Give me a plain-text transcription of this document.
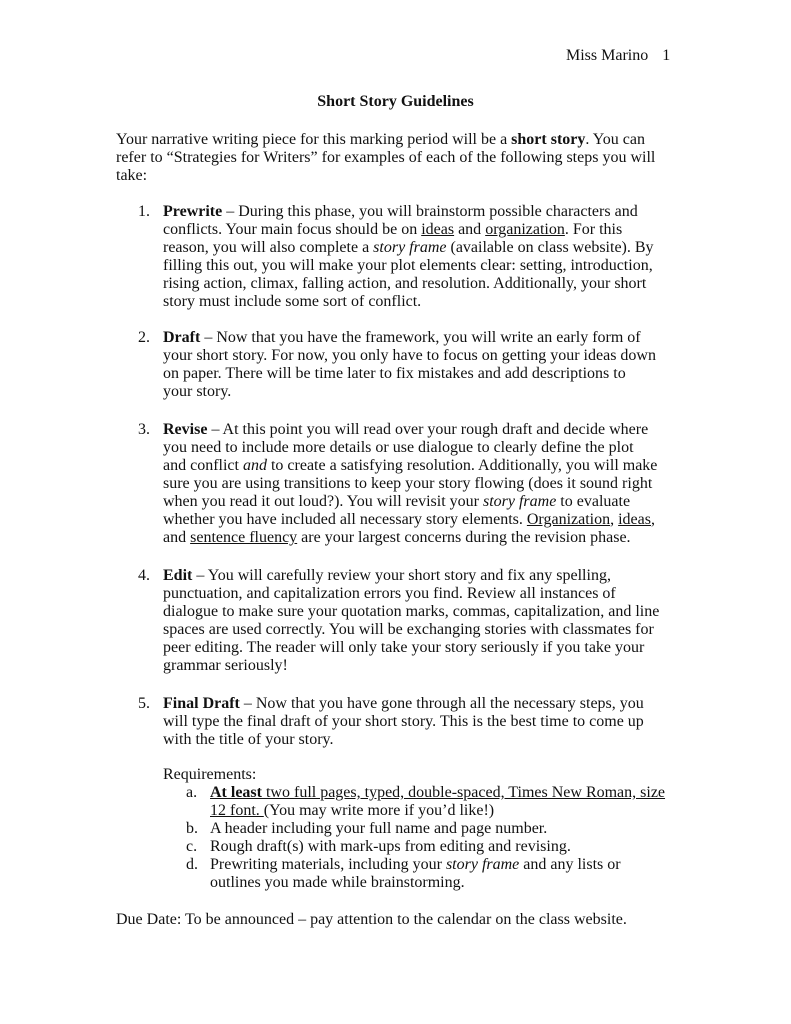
Miss Marino 1
Short Story Guidelines
Your narrative writing piece for this marking period will be a short story. You can
refer to “Strategies for Writers” for examples of each of the following steps you will
take:
1. Prewrite – During this phase, you will brainstorm possible characters and
conflicts. Your main focus should be on ideas and organization. For this
reason, you will also complete a story frame (available on class website). By
filling this out, you will make your plot elements clear: setting, introduction,
rising action, climax, falling action, and resolution. Additionally, your short
story must include some sort of conflict.
2. Draft – Now that you have the framework, you will write an early form of
your short story. For now, you only have to focus on getting your ideas down
on paper. There will be time later to fix mistakes and add descriptions to
your story.
3. Revise – At this point you will read over your rough draft and decide where
you need to include more details or use dialogue to clearly define the plot
and conflict and to create a satisfying resolution. Additionally, you will make
sure you are using transitions to keep your story flowing (does it sound right
when you read it out loud?). You will revisit your story frame to evaluate
whether you have included all necessary story elements. Organization, ideas,
and sentence fluency are your largest concerns during the revision phase.
4. Edit – You will carefully review your short story and fix any spelling,
punctuation, and capitalization errors you find. Review all instances of
dialogue to make sure your quotation marks, commas, capitalization, and line
spaces are used correctly. You will be exchanging stories with classmates for
peer editing. The reader will only take your story seriously if you take your
grammar seriously!
5. Final Draft – Now that you have gone through all the necessary steps, you
will type the final draft of your short story. This is the best time to come up
with the title of your story.
Requirements:
a. At least two full pages, typed, double-spaced, Times New Roman, size
12 font. (You may write more if you’d like!)
b. A header including your full name and page number.
c. Rough draft(s) with mark-ups from editing and revising.
d. Prewriting materials, including your story frame and any lists or
outlines you made while brainstorming.
Due Date: To be announced – pay attention to the calendar on the class website.
